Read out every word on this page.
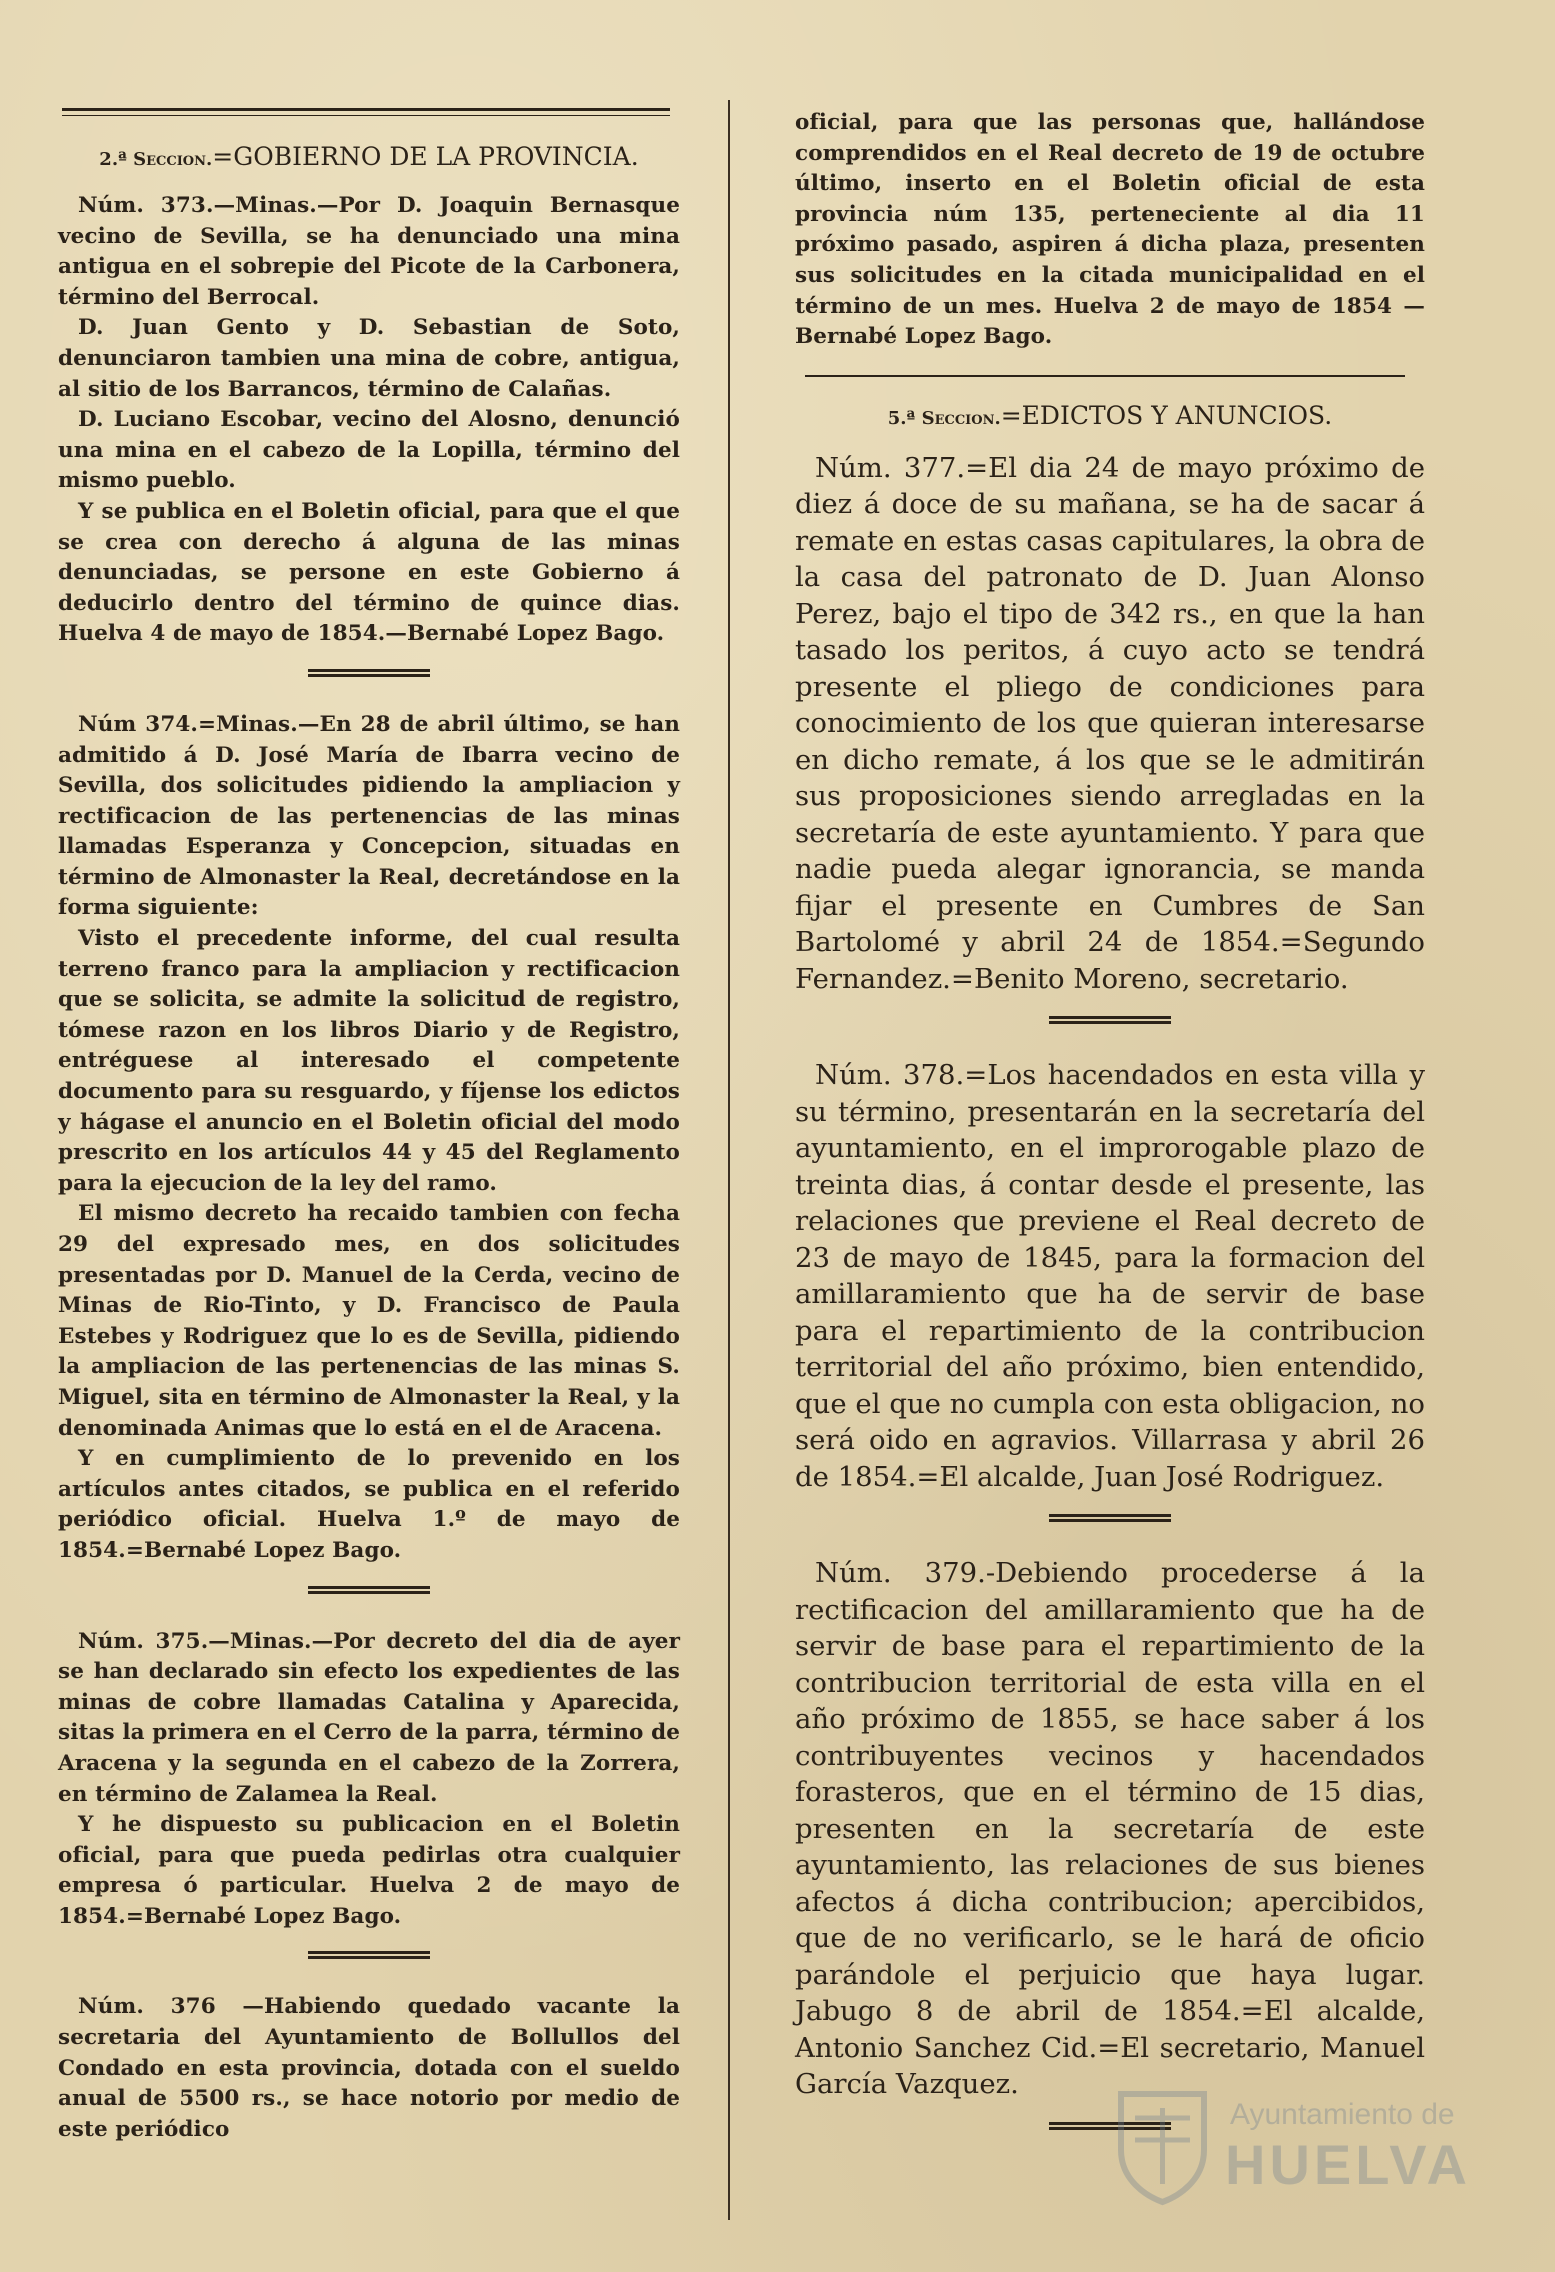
2.ª Seccion.=GOBIERNO DE LA PROVINCIA.

Núm. 373.—Minas.—Por D. Joaquin Bernasque vecino de Sevilla, se ha denunciado una mina antigua en el sobrepie del Picote de la Carbonera, término del Berrocal.

D. Juan Gento y D. Sebastian de Soto, denunciaron tambien una mina de cobre, antigua, al sitio de los Barrancos, término de Calañas.

D. Luciano Escobar, vecino del Alosno, denunció una mina en el cabezo de la Lopilla, término del mismo pueblo.

Y se publica en el Boletin oficial, para que el que se crea con derecho á alguna de las minas denunciadas, se persone en este Gobierno á deducirlo dentro del término de quince dias. Huelva 4 de mayo de 1854.—Bernabé Lopez Bago.

Núm 374.=Minas.—En 28 de abril último, se han admitido á D. José María de Ibarra vecino de Sevilla, dos solicitudes pidiendo la ampliacion y rectificacion de las pertenencias de las minas llamadas Esperanza y Concepcion, situadas en término de Almonaster la Real, decretándose en la forma siguiente:

Visto el precedente informe, del cual resulta terreno franco para la ampliacion y rectificacion que se solicita, se admite la solicitud de registro, tómese razon en los libros Diario y de Registro, entréguese al interesado el competente documento para su resguardo, y fíjense los edictos y hágase el anuncio en el Boletin oficial del modo prescrito en los artículos 44 y 45 del Reglamento para la ejecucion de la ley del ramo.

El mismo decreto ha recaido tambien con fecha 29 del expresado mes, en dos solicitudes presentadas por D. Manuel de la Cerda, vecino de Minas de Rio-Tinto, y D. Francisco de Paula Estebes y Rodriguez que lo es de Sevilla, pidiendo la ampliacion de las pertenencias de las minas S. Miguel, sita en término de Almonaster la Real, y la denominada Animas que lo está en el de Aracena.

Y en cumplimiento de lo prevenido en los artículos antes citados, se publica en el referido periódico oficial. Huelva 1.º de mayo de 1854.=Bernabé Lopez Bago.

Núm. 375.—Minas.—Por decreto del dia de ayer se han declarado sin efecto los expedientes de las minas de cobre llamadas Catalina y Aparecida, sitas la primera en el Cerro de la parra, término de Aracena y la segunda en el cabezo de la Zorrera, en término de Zalamea la Real.

Y he dispuesto su publicacion en el Boletin oficial, para que pueda pedirlas otra cualquier empresa ó particular. Huelva 2 de mayo de 1854.=Bernabé Lopez Bago.

Núm. 376 —Habiendo quedado vacante la secretaria del Ayuntamiento de Bollullos del Condado en esta provincia, dotada con el sueldo anual de 5500 rs., se hace notorio por medio de este periódico

oficial, para que las personas que, hallándose comprendidos en el Real decreto de 19 de octubre último, inserto en el Boletin oficial de esta provincia núm 135, perteneciente al dia 11 próximo pasado, aspiren á dicha plaza, presenten sus solicitudes en la citada municipalidad en el término de un mes. Huelva 2 de mayo de 1854 —Bernabé Lopez Bago.

5.ª Seccion.=EDICTOS Y ANUNCIOS.

Núm. 377.=El dia 24 de mayo próximo de diez á doce de su mañana, se ha de sacar á remate en estas casas capitulares, la obra de la casa del patronato de D. Juan Alonso Perez, bajo el tipo de 342 rs., en que la han tasado los peritos, á cuyo acto se tendrá presente el pliego de condiciones para conocimiento de los que quieran interesarse en dicho remate, á los que se le admitirán sus proposiciones siendo arregladas en la secretaría de este ayuntamiento. Y para que nadie pueda alegar ignorancia, se manda fijar el presente en Cumbres de San Bartolomé y abril 24 de 1854.=Segundo Fernandez.=Benito Moreno, secretario.

Núm. 378.=Los hacendados en esta villa y su término, presentarán en la secretaría del ayuntamiento, en el improrogable plazo de treinta dias, á contar desde el presente, las relaciones que previene el Real decreto de 23 de mayo de 1845, para la formacion del amillaramiento que ha de servir de base para el repartimiento de la contribucion territorial del año próximo, bien entendido, que el que no cumpla con esta obligacion, no será oido en agravios. Villarrasa y abril 26 de 1854.=El alcalde, Juan José Rodriguez.

Núm. 379.-Debiendo procederse á la rectificacion del amillaramiento que ha de servir de base para el repartimiento de la contribucion territorial de esta villa en el año próximo de 1855, se hace saber á los contribuyentes vecinos y hacendados forasteros, que en el término de 15 dias, presenten en la secretaría de este ayuntamiento, las relaciones de sus bienes afectos á dicha contribucion; apercibidos, que de no verificarlo, se le hará de oficio parándole el perjuicio que haya lugar. Jabugo 8 de abril de 1854.=El alcalde, Antonio Sanchez Cid.=El secretario, Manuel García Vazquez.

Ayuntamiento de
HUELVA
